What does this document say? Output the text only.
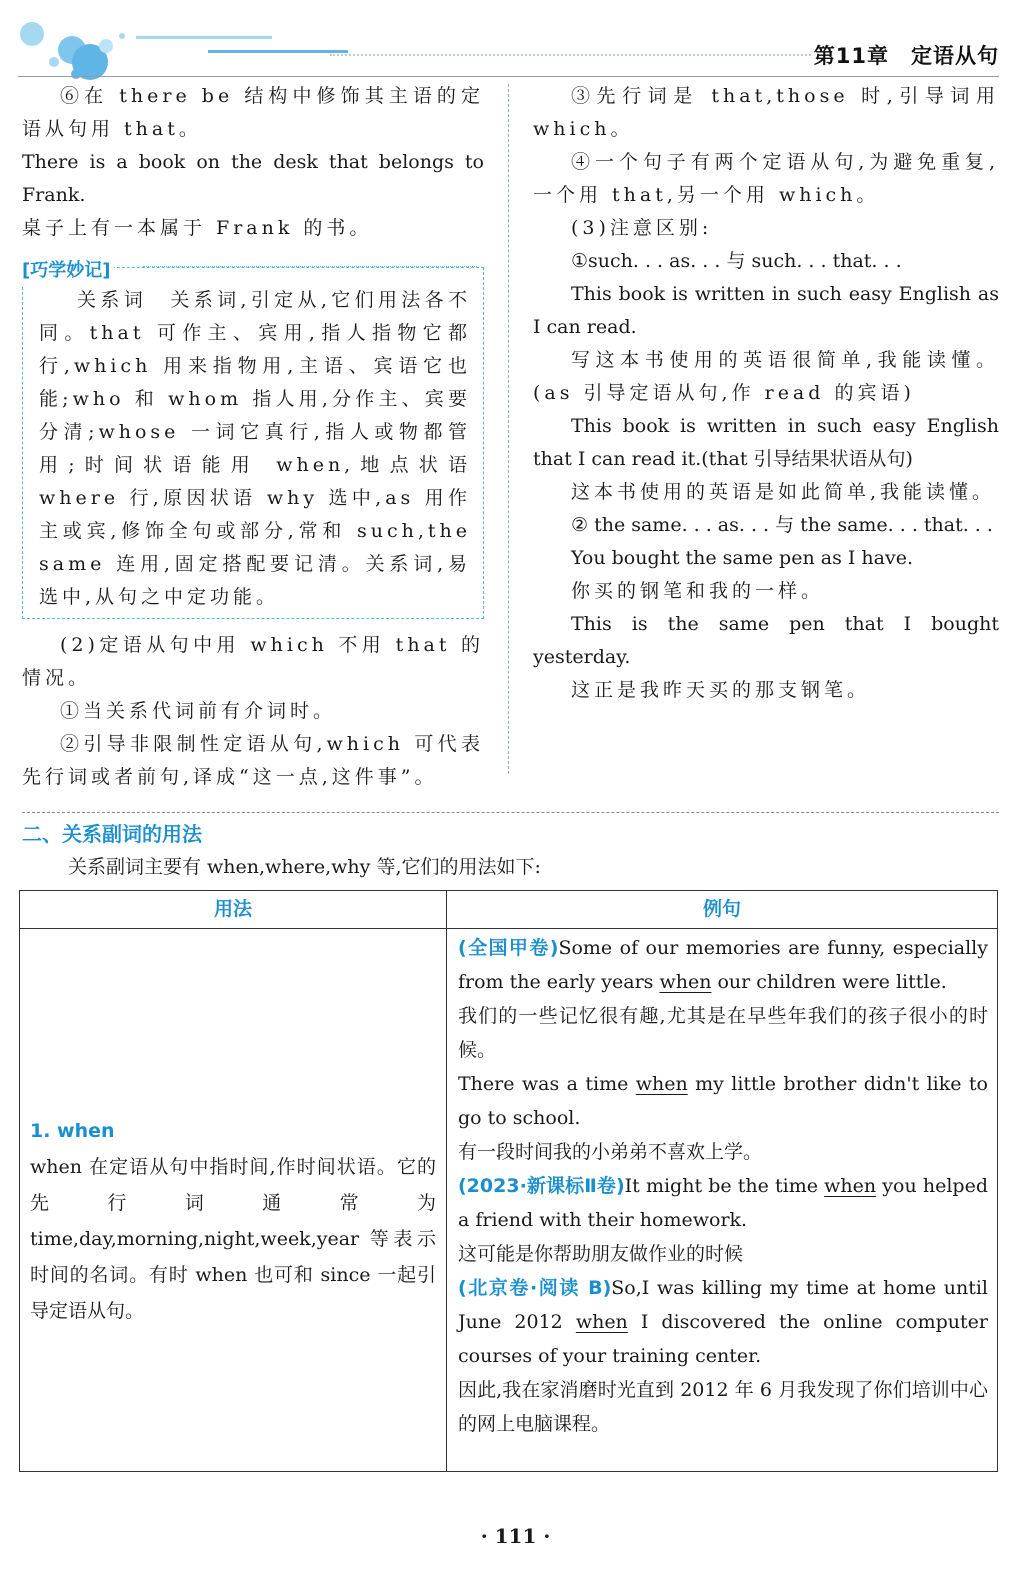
第11章　定语从句

⑥在 there be 结构中修饰其主语的定语从句用 that。

There is a book on the desk that belongs to Frank.

桌子上有一本属于 Frank 的书。

[巧学妙记]

关系词　关系词,引定从,它们用法各不同。that 可作主、宾用,指人指物它都行,which 用来指物用,主语、宾语它也能;who 和 whom 指人用,分作主、宾要分清;whose 一词它真行,指人或物都管用;时间状语能用 when,地点状语 where 行,原因状语 why 选中,as 用作主或宾,修饰全句或部分,常和 such,the same 连用,固定搭配要记清。关系词,易选中,从句之中定功能。

(2)定语从句中用 which 不用 that 的情况。

①当关系代词前有介词时。

②引导非限制性定语从句,which 可代表先行词或者前句,译成“这一点,这件事”。

③先行词是 that,those 时,引导词用 which。

④一个句子有两个定语从句,为避免重复,一个用 that,另一个用 which。

(3)注意区别:

①such. . . as. . . 与 such. . . that. . .

This book is written in such easy English as I can read.

写这本书使用的英语很简单,我能读懂。(as 引导定语从句,作 read 的宾语)

This book is written in such easy English that I can read it.(that 引导结果状语从句)

这本书使用的英语是如此简单,我能读懂。

② the same. . . as. . . 与 the same. . . that. . .

You bought the same pen as I have.

你买的钢笔和我的一样。

This is the same pen that I bought yesterday.

这正是我昨天买的那支钢笔。

二、关系副词的用法
关系副词主要有 when,where,why 等,它们的用法如下:
用法	例句

1. when

when 在定语从句中指时间,作时间状语。它的先行词通常为 time,day,morning,night,week,year 等表示时间的名词。有时 when 也可和 since 一起引导定语从句。

(全国甲卷)Some of our memories are funny, especially from the early years when our children were little.

我们的一些记忆很有趣,尤其是在早些年我们的孩子很小的时候。

There was a time when my little brother didn't like to go to school.

有一段时间我的小弟弟不喜欢上学。

(2023·新课标Ⅱ卷)It might be the time when you helped a friend with their homework.

这可能是你帮助朋友做作业的时候

(北京卷·阅读 B)So,I was killing my time at home until June 2012 when I discovered the online computer courses of your training center.

因此,我在家消磨时光直到 2012 年 6 月我发现了你们培训中心的网上电脑课程。

· 111 ·
